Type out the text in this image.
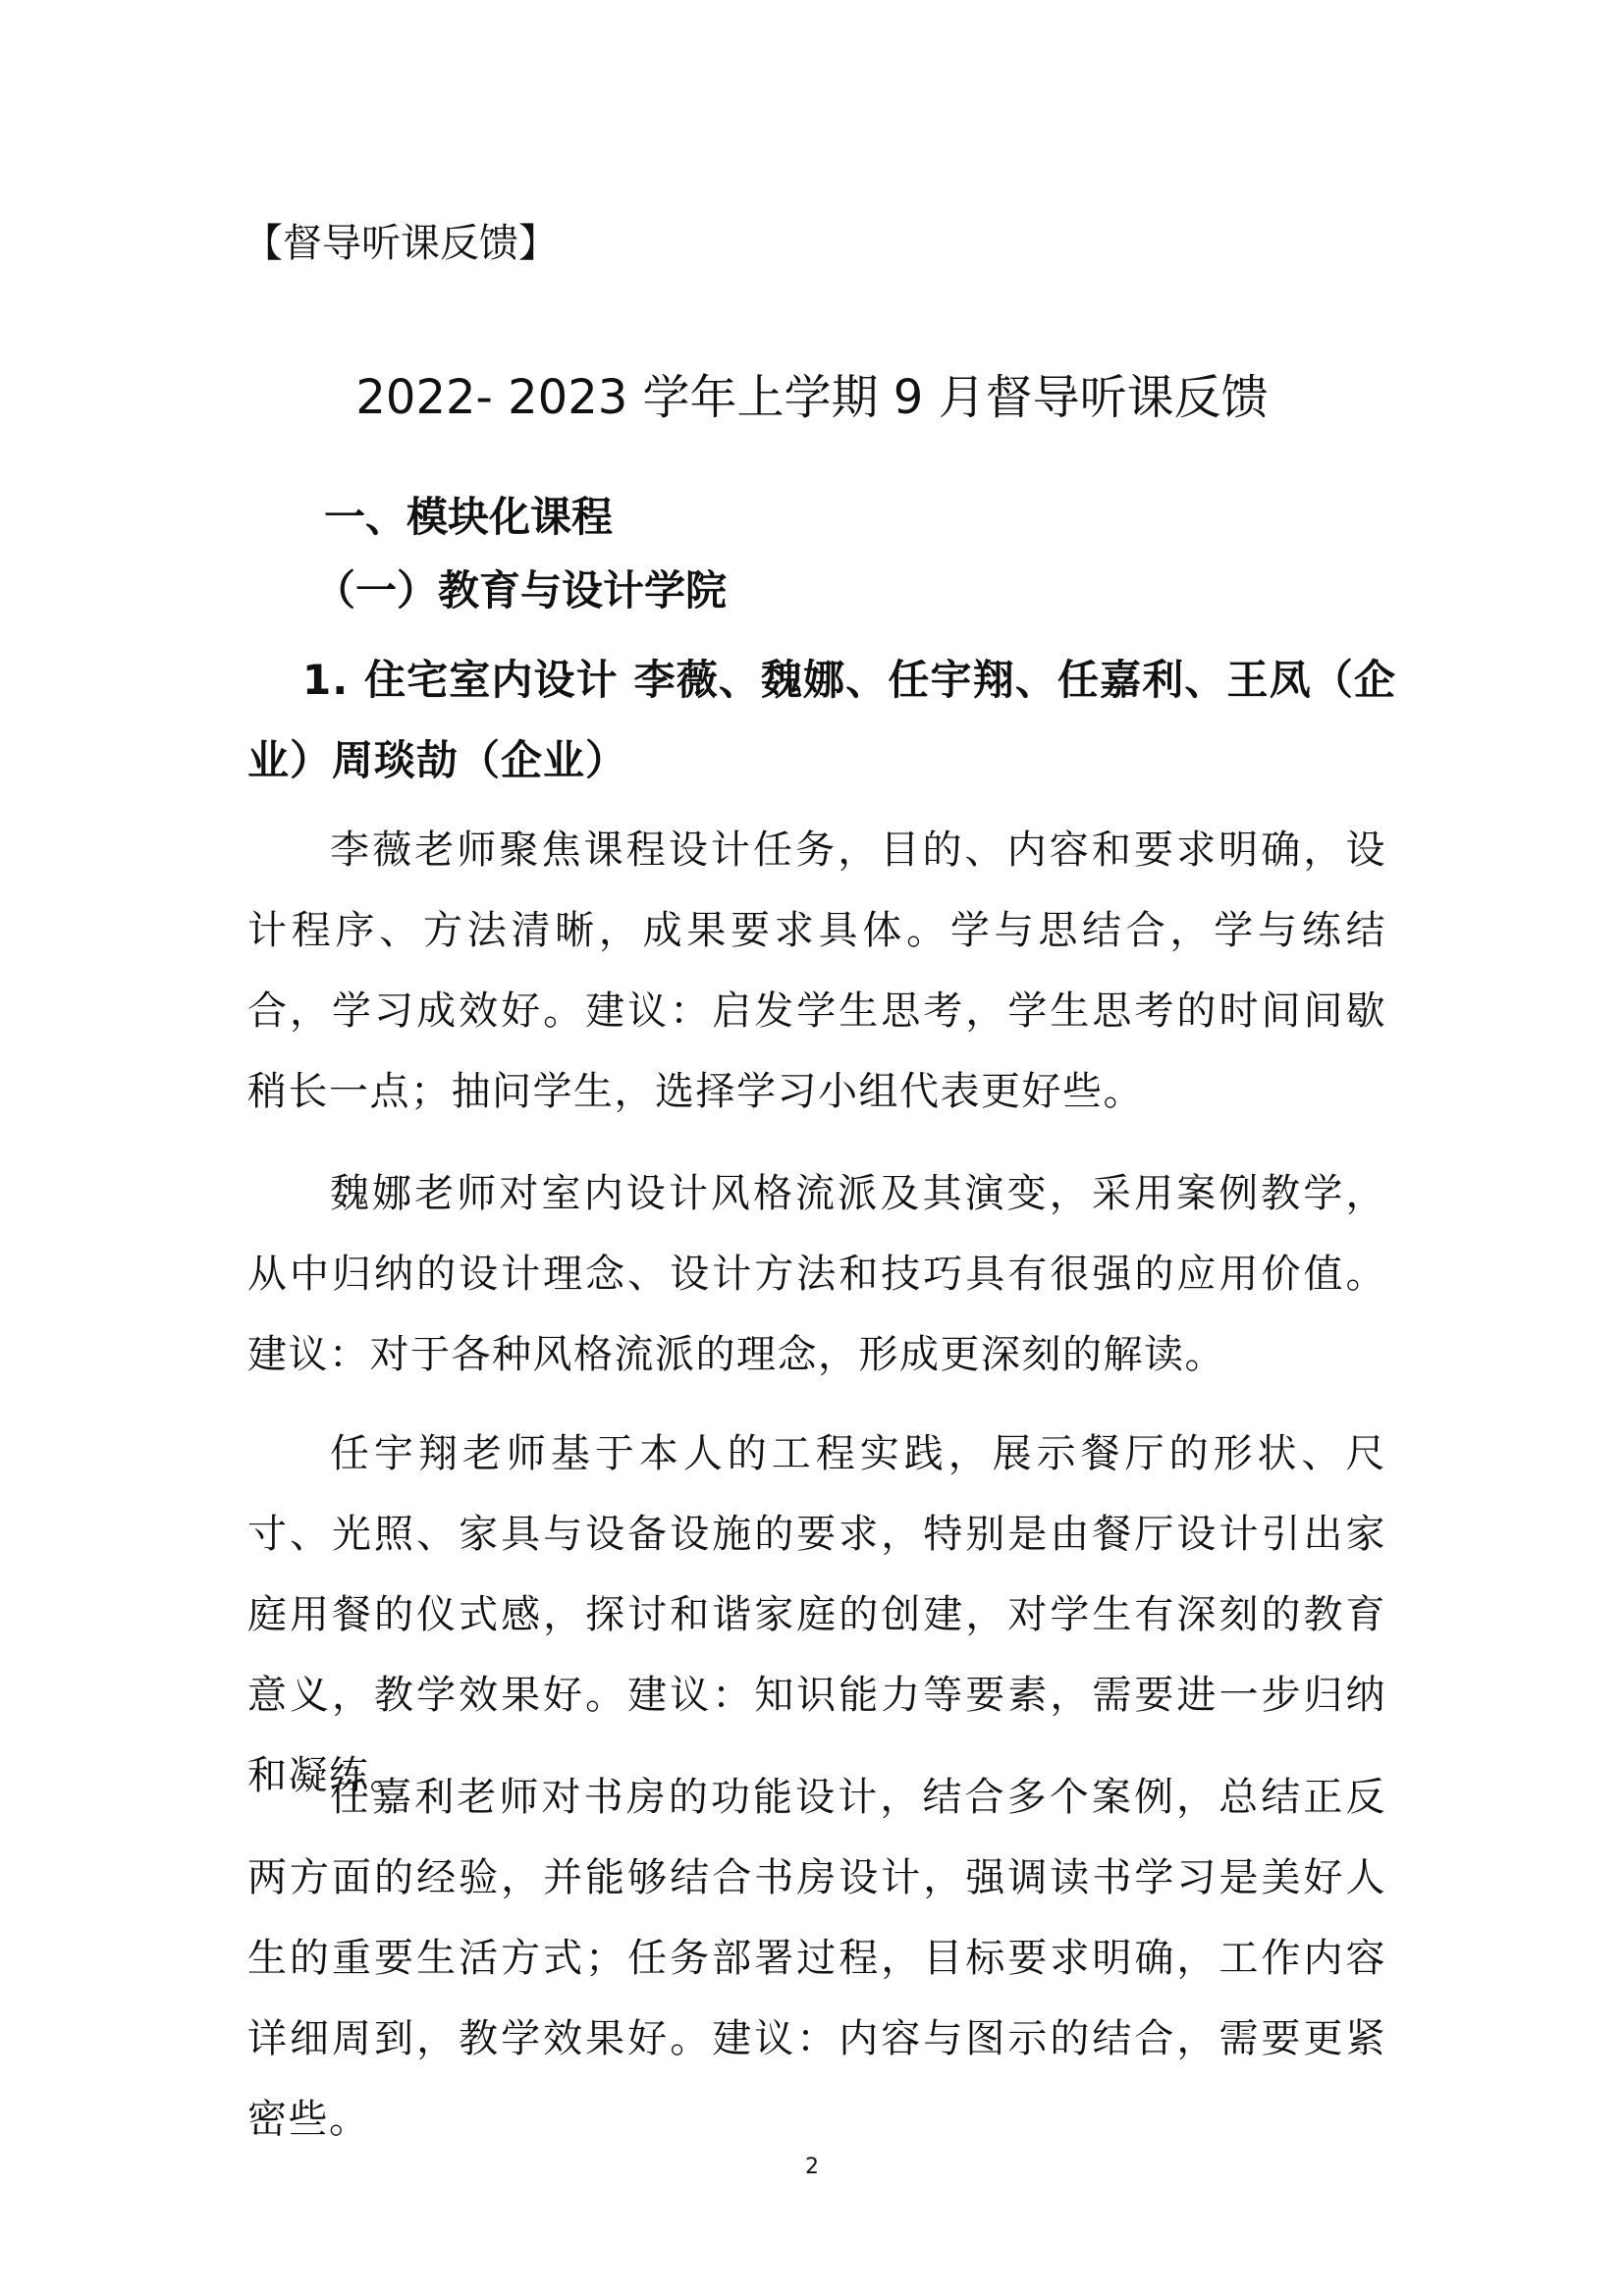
【督导听课反馈】
2022- 2023 学年上学期 9 月督导听课反馈
一、模块化课程
（一）教育与设计学院
1. 住宅室内设计 李薇、魏娜、任宇翔、任嘉利、王凤（企业）周琰劼（企业）
李薇老师聚焦课程设计任务，目的、内容和要求明确，设计程序、方法清晰，成果要求具体。学与思结合，学与练结合，学习成效好。建议：启发学生思考，学生思考的时间间歇稍长一点；抽问学生，选择学习小组代表更好些。
魏娜老师对室内设计风格流派及其演变，采用案例教学，从中归纳的设计理念、设计方法和技巧具有很强的应用价值。建议：对于各种风格流派的理念，形成更深刻的解读。
任宇翔老师基于本人的工程实践，展示餐厅的形状、尺寸、光照、家具与设备设施的要求，特别是由餐厅设计引出家庭用餐的仪式感，探讨和谐家庭的创建，对学生有深刻的教育意义，教学效果好。建议：知识能力等要素，需要进一步归纳和凝练。
任嘉利老师对书房的功能设计，结合多个案例，总结正反两方面的经验，并能够结合书房设计，强调读书学习是美好人生的重要生活方式；任务部署过程，目标要求明确，工作内容详细周到，教学效果好。建议：内容与图示的结合，需要更紧密些。
2
